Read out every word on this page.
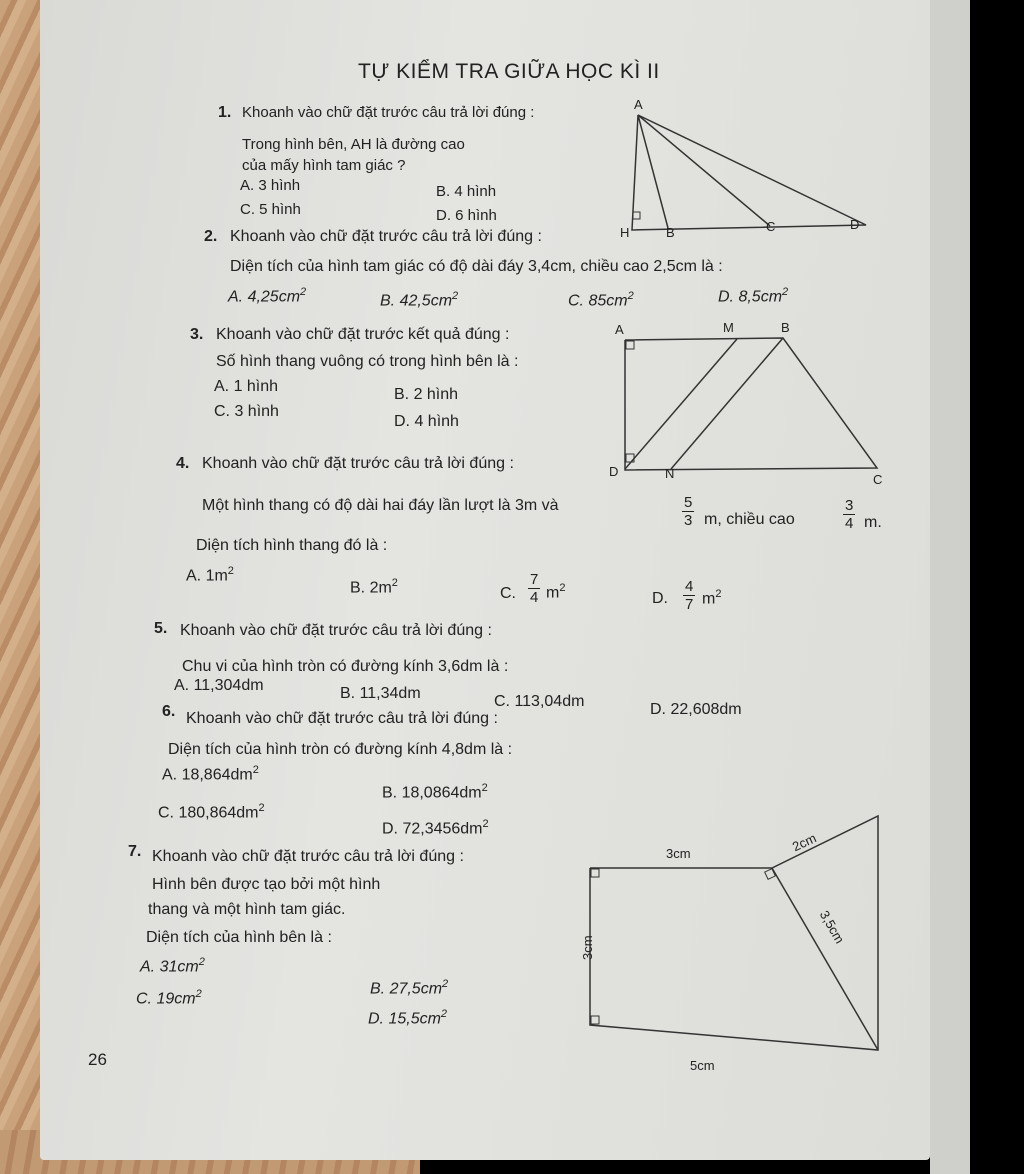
TỰ KIỂM TRA GIỮA HỌC KÌ II
1. Khoanh vào chữ đặt trước câu trả lời đúng :
Trong hình bên, AH là đường cao
của mấy hình tam giác ?
A. 3 hình	B. 4 hình
C. 5 hình	D. 6 hình
A
H	B	C	D
2. Khoanh vào chữ đặt trước câu trả lời đúng :
Diện tích của hình tam giác có độ dài đáy 3,4cm, chiều cao 2,5cm là :
A. $4,25cm^2$
B. $42,5cm^2$	C. $85cm^2$	D. $8,5cm^2$
3. Khoanh vào chữ đặt trước kết quả đúng :
Số hình thang vuông có trong hình bên là :
A. 1 hình	B. 2 hình
C. 3 hình
D. 4 hình
A	M	B
D	N	C
4. Khoanh vào chữ đặt trước câu trả lời đúng :
Một hình thang có độ dài hai đáy lần lượt là 3m và	$\frac{5}{3} m$, chiều cao	$\frac{3}{4} m$.
Diện tích hình thang đó là :
A. $1m^2$
B. $2m^2$
C. $\frac{7}{4} m^2$
D. $\frac{4}{7} m^2$
5. Khoanh vào chữ đặt trước câu trả lời đúng :
Chu vi của hình tròn có đường kính 3,6dm là :
A. 11,304dm	B. 11,34dm	C. 113,04dm	D. 22,608dm
6. Khoanh vào chữ đặt trước câu trả lời đúng :
Diện tích của hình tròn có đường kính 4,8dm là :
A. $18,864dm^2$
B. $18,0864dm^2$
C. $180,864dm^2$
D. $72,3456dm^2$
7. Khoanh vào chữ đặt trước câu trả lời đúng :
Hình bên được tạo bởi một hình
thang và một hình tam giác.
Diện tích của hình bên là :
A. $31cm^2$
C. $19cm^2$	B. $27,5cm^2$
D. $15,5cm^2$
3cm	2cm
3cm
3,5cm
5cm
26
